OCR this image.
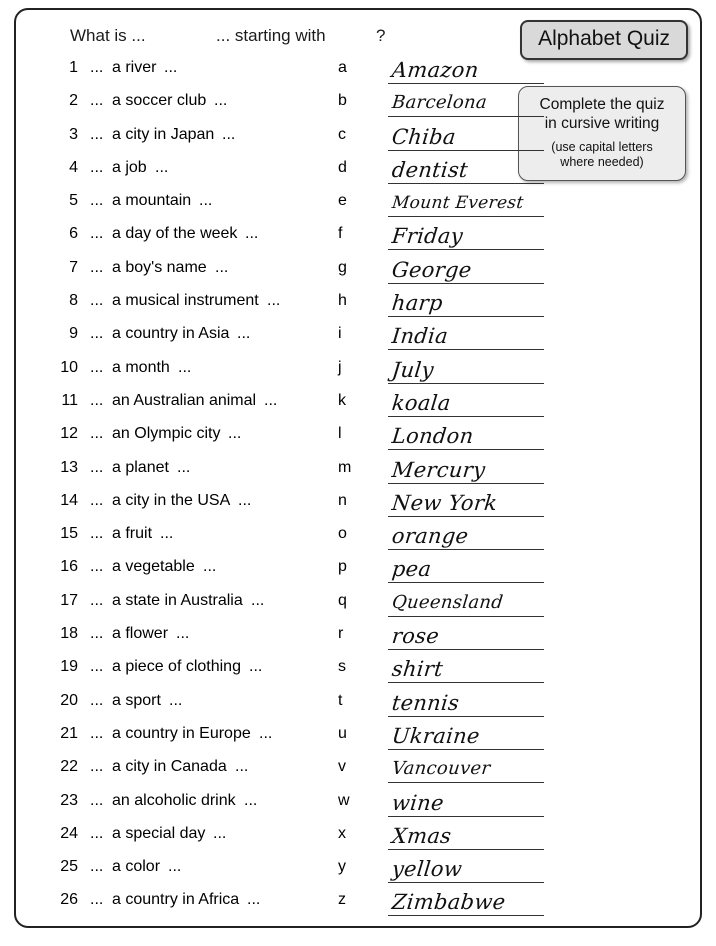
What is ...	... starting with	?	Alphabet Quiz
Complete the quiz
in cursive writing
(use capital letters
where needed)
1 ... a river ...	a Amazon
2 ... a soccer club ...	b Barcelona
3 ... a city in Japan ...	c Chiba
4 ... a job ...	d dentist
5 ... a mountain ...	e	Mount Everest
6 ... a day of the week ...	f Friday
7 ... a boy's name ...	g George
8 ... a musical instrument ...	h harp
9 ... a country in Asia ...	i India
10 ... a month ...	j July
11 ... an Australian animal ...	k koala
12 ... an Olympic city ...	l London
13 ... a planet ...	m Mercury
14 ... a city in the USA ...	n New York
15 ... a fruit ...	o orange
16 ... a vegetable ...	p pea
17 ... a state in Australia ...	q Queensland
18 ... a flower ...	r rose
19 ... a piece of clothing ...	s shirt
20 ... a sport ...	t tennis
21 ... a country in Europe ...	u Ukraine
22 ... a city in Canada ...	v Vancouver
23 ... an alcoholic drink ...	w wine
24 ... a special day ...	x Xmas
25 ... a color ...	y yellow
26 ... a country in Africa ...	z Zimbabwe
